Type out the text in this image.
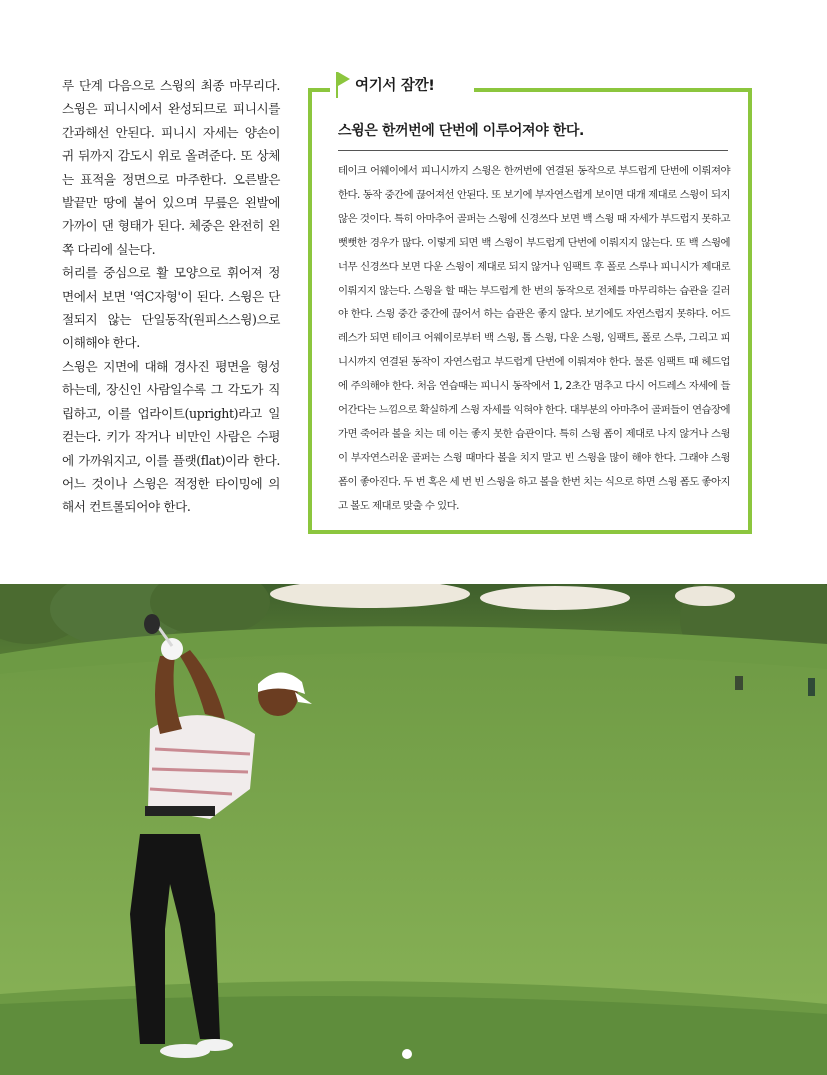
루 단계 다음으로 스윙의 최종 마무리다. 스윙은 피니시에서 완성되므로 피니시를 간과해선 안된다. 피니시 자세는 양손이 귀 뒤까지 감도시 위로 올려준다. 또 상체는 표적을 정면으로 마주한다. 오른발은 발끝만 땅에 붙어 있으며 무릎은 왼발에 가까이 댄 형태가 된다. 체중은 완전히 왼쪽 다리에 실는다.

허리를 중심으로 활 모양으로 휘어져 정면에서 보면 '역C자형'이 된다. 스윙은 단절되지 않는 단일동작(원피스스윙)으로 이해해야 한다.

스윙은 지면에 대해 경사진 평면을 형성하는데, 장신인 사람일수록 그 각도가 직립하고, 이를 업라이트(upright)라고 일컫는다. 키가 작거나 비만인 사람은 수평에 가까워지고, 이를 플랫(flat)이라 한다. 어느 것이나 스윙은 적정한 타이밍에 의해서 컨트롤되어야 한다.

여기서 잠깐!
스윙은 한꺼번에 단번에 이루어져야 한다.

테이크 어웨이에서 피니시까지 스윙은 한꺼번에 연결된 동작으로 부드럽게 단번에 이뤄져야 한다. 동작 중간에 끊어져선 안된다. 또 보기에 부자연스럽게 보이면 대개 제대로 스윙이 되지 않은 것이다. 특히 아마추어 골퍼는 스윙에 신경쓰다 보면 백 스윙 때 자세가 부드럽지 못하고 뻣뻣한 경우가 많다. 이렇게 되면 백 스윙이 부드럽게 단번에 이뤄지지 않는다. 또 백 스윙에 너무 신경쓰다 보면 다운 스윙이 제대로 되지 않거나 임팩트 후 폴로 스루나 피니시가 제대로 이뤄지지 않는다. 스윙을 할 때는 부드럽게 한 번의 동작으로 전체를 마무리하는 습관을 길러야 한다. 스윙 중간 중간에 끊어서 하는 습관은 좋지 않다. 보기에도 자연스럽지 못하다. 어드레스가 되면 테이크 어웨이로부터 백 스윙, 톱 스윙, 다운 스윙, 임팩트, 폴로 스루, 그리고 피니시까지 연결된 동작이 자연스럽고 부드럽게 단번에 이뤄져야 한다. 물론 임팩트 때 헤드업에 주의해야 한다. 처음 연습때는 피니시 동작에서 1, 2초간 멈추고 다시 어드레스 자세에 들어간다는 느낌으로 확실하게 스윙 자세를 익혀야 한다. 대부분의 아마추어 골퍼들이 연습장에 가면 죽어라 볼을 치는 데 이는 좋지 못한 습관이다. 특히 스윙 폼이 제대로 나지 않거나 스윙이 부자연스러운 골퍼는 스윙 때마다 볼을 치지 말고 빈 스윙을 많이 해야 한다. 그래야 스윙 폼이 좋아진다. 두 번 혹은 세 번 빈 스윙을 하고 볼을 한번 치는 식으로 하면 스윙 폼도 좋아지고 볼도 제대로 맞출 수 있다.
